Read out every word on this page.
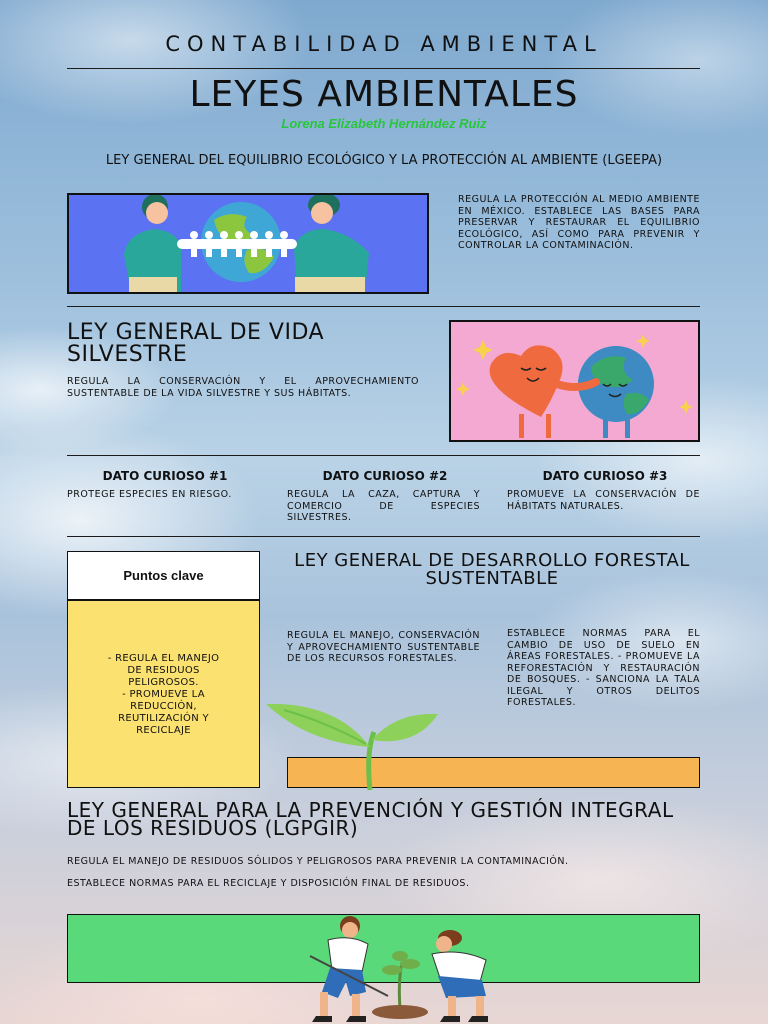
CONTABILIDAD AMBIENTAL
LEYES AMBIENTALES
Lorena Elizabeth Hernández Ruiz
LEY GENERAL DEL EQUILIBRIO ECOLÓGICO Y LA PROTECCIÓN AL AMBIENTE (LGEEPA)
REGULA LA PROTECCIÓN AL MEDIO AMBIENTE EN MÉXICO. ESTABLECE LAS BASES PARA PRESERVAR Y RESTAURAR EL EQUILIBRIO ECOLÓGICO, ASÍ COMO PARA PREVENIR Y CONTROLAR LA CONTAMINACIÓN.
LEY GENERAL DE VIDA SILVESTRE
REGULA LA CONSERVACIÓN Y EL APROVECHAMIENTO SUSTENTABLE DE LA VIDA SILVESTRE Y SUS HÁBITATS.
DATO CURIOSO #1
PROTEGE ESPECIES EN RIESGO.
DATO CURIOSO #2
REGULA LA CAZA, CAPTURA Y COMERCIO DE ESPECIES SILVESTRES.
DATO CURIOSO #3
PROMUEVE LA CONSERVACIÓN DE HÁBITATS NATURALES.
Puntos clave
- REGULA EL MANEJO
DE RESIDUOS
PELIGROSOS.
- PROMUEVE LA
REDUCCIÓN,
REUTILIZACIÓN Y
RECICLAJE
LEY GENERAL DE DESARROLLO FORESTAL SUSTENTABLE
REGULA EL MANEJO, CONSERVACIÓN Y APROVECHAMIENTO SUSTENTABLE DE LOS RECURSOS FORESTALES.
ESTABLECE NORMAS PARA EL CAMBIO DE USO DE SUELO EN ÁREAS FORESTALES. - PROMUEVE LA REFORESTACIÓN Y RESTAURACIÓN DE BOSQUES. - SANCIONA LA TALA ILEGAL Y OTROS DELITOS FORESTALES.
LEY GENERAL PARA LA PREVENCIÓN Y GESTIÓN INTEGRAL DE LOS RESIDUOS (LGPGIR)
REGULA EL MANEJO DE RESIDUOS SÓLIDOS Y PELIGROSOS PARA PREVENIR LA CONTAMINACIÓN.
ESTABLECE NORMAS PARA EL RECICLAJE Y DISPOSICIÓN FINAL DE RESIDUOS.
